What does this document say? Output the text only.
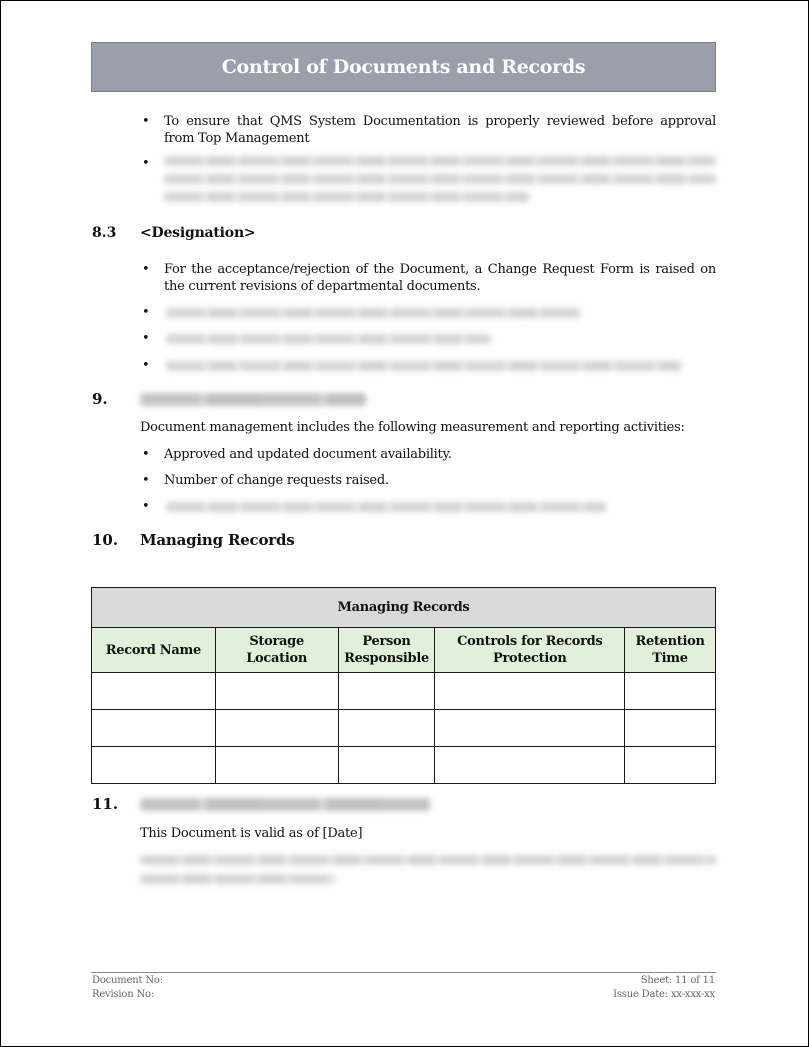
Control of Documents and Records
• To ensure that QMS System Documentation is properly reviewed before approval from Top Management
•
8.3 <Designation>
• For the acceptance/rejection of the Document, a Change Request Form is raised on the current revisions of departmental documents.
•
•
•
9.
Document management includes the following measurement and reporting activities:
• Approved and updated document availability.
• Number of change requests raised.
•
10. Managing Records
Managing Records				
Record Name	Storage Location	Person Responsible	Controls for Records Protection	Retention Time

11.
This Document is valid as of [Date]
Document No:
Revision No:
Sheet: 11 of 11
Issue Date: xx-xxx-xx
